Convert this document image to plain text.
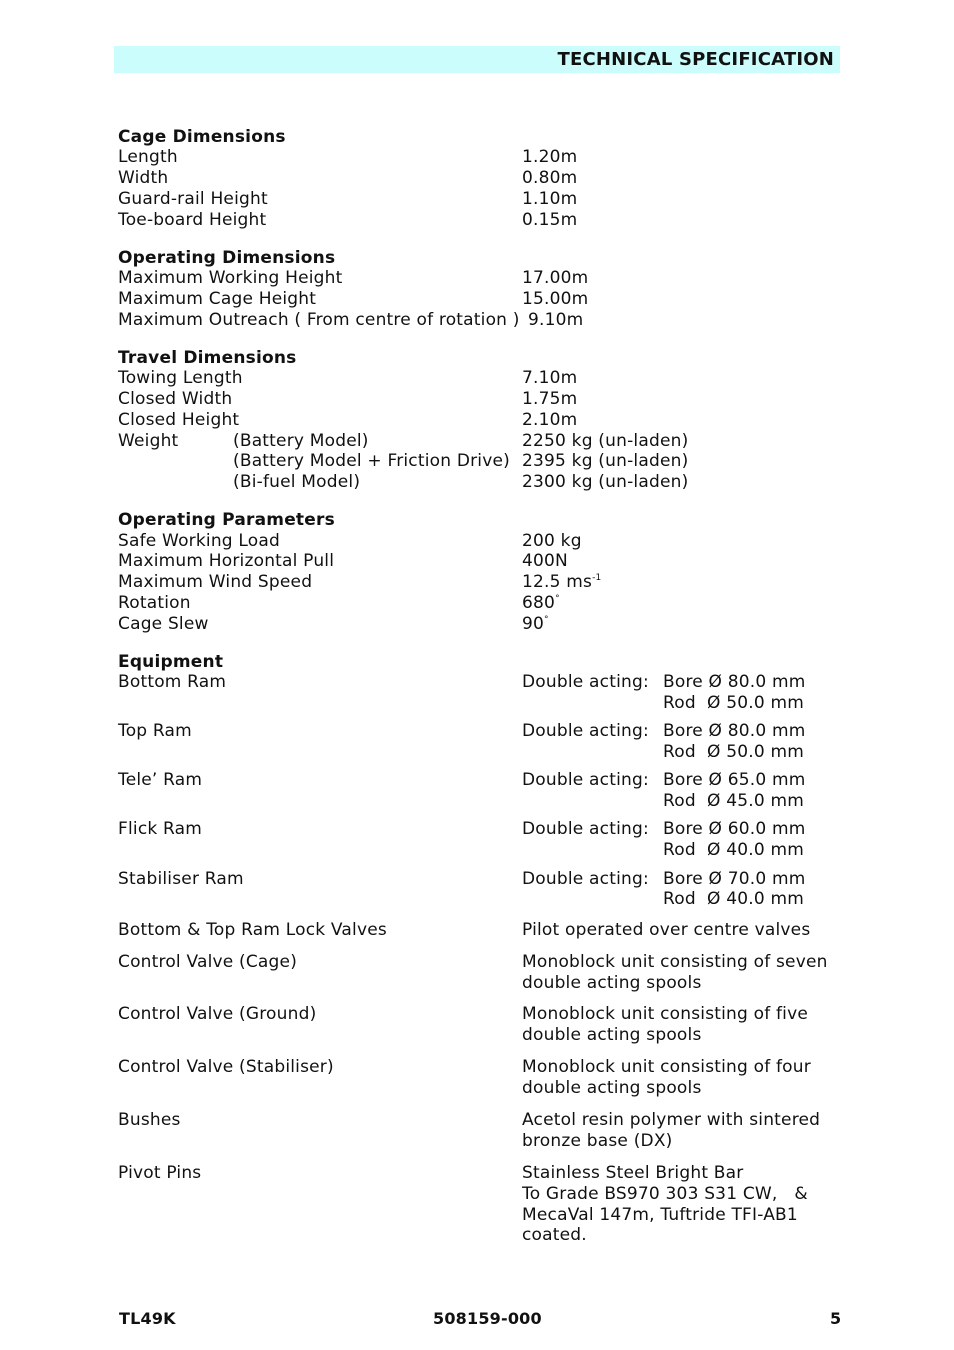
TECHNICAL SPECIFICATION
Cage Dimensions
Length	1.20m
Width	0.80m
Guard-rail Height	1.10m
Toe-board Height	0.15m
Operating Dimensions
Maximum Working Height	17.00m
Maximum Cage Height	15.00m
Maximum Outreach ( From centre of rotation ) 9.10m
Travel Dimensions
Towing Length	7.10m
Closed Width	1.75m
Closed Height	2.10m
Weight	(Battery Model)	2250 kg (un-laden)
(Battery Model + Friction Drive) 2395 kg (un-laden)
(Bi-fuel Model)	2300 kg (un-laden)
Operating Parameters
Safe Working Load	200 kg
Maximum Horizontal Pull	400N
Maximum Wind Speed	12.5 $ms^{-1}$
Rotation	680°
Cage Slew	90°
Equipment
Bottom Ram	Double acting: Bore Ø 80.0 mm
Rod  Ø 50.0 mm
Top Ram	Double acting: Bore Ø 80.0 mm
Rod  Ø 50.0 mm
Tele’ Ram	Double acting: Bore Ø 65.0 mm
Rod  Ø 45.0 mm
Flick Ram	Double acting: Bore Ø 60.0 mm
Rod  Ø 40.0 mm
Stabiliser Ram	Double acting: Bore Ø 70.0 mm
Rod  Ø 40.0 mm
Bottom & Top Ram Lock Valves	Pilot operated over centre valves
Control Valve (Cage)	Monoblock unit consisting of seven
double acting spools
Control Valve (Ground)	Monoblock unit consisting of five
double acting spools
Control Valve (Stabiliser)	Monoblock unit consisting of four
double acting spools
Bushes	Acetol resin polymer with sintered
bronze base (DX)
Pivot Pins	Stainless Steel Bright Bar
To Grade BS970 303 S31 CW,   &
MecaVal 147m, Tuftride TFI-AB1
coated.
TL49K	508159-000	5
